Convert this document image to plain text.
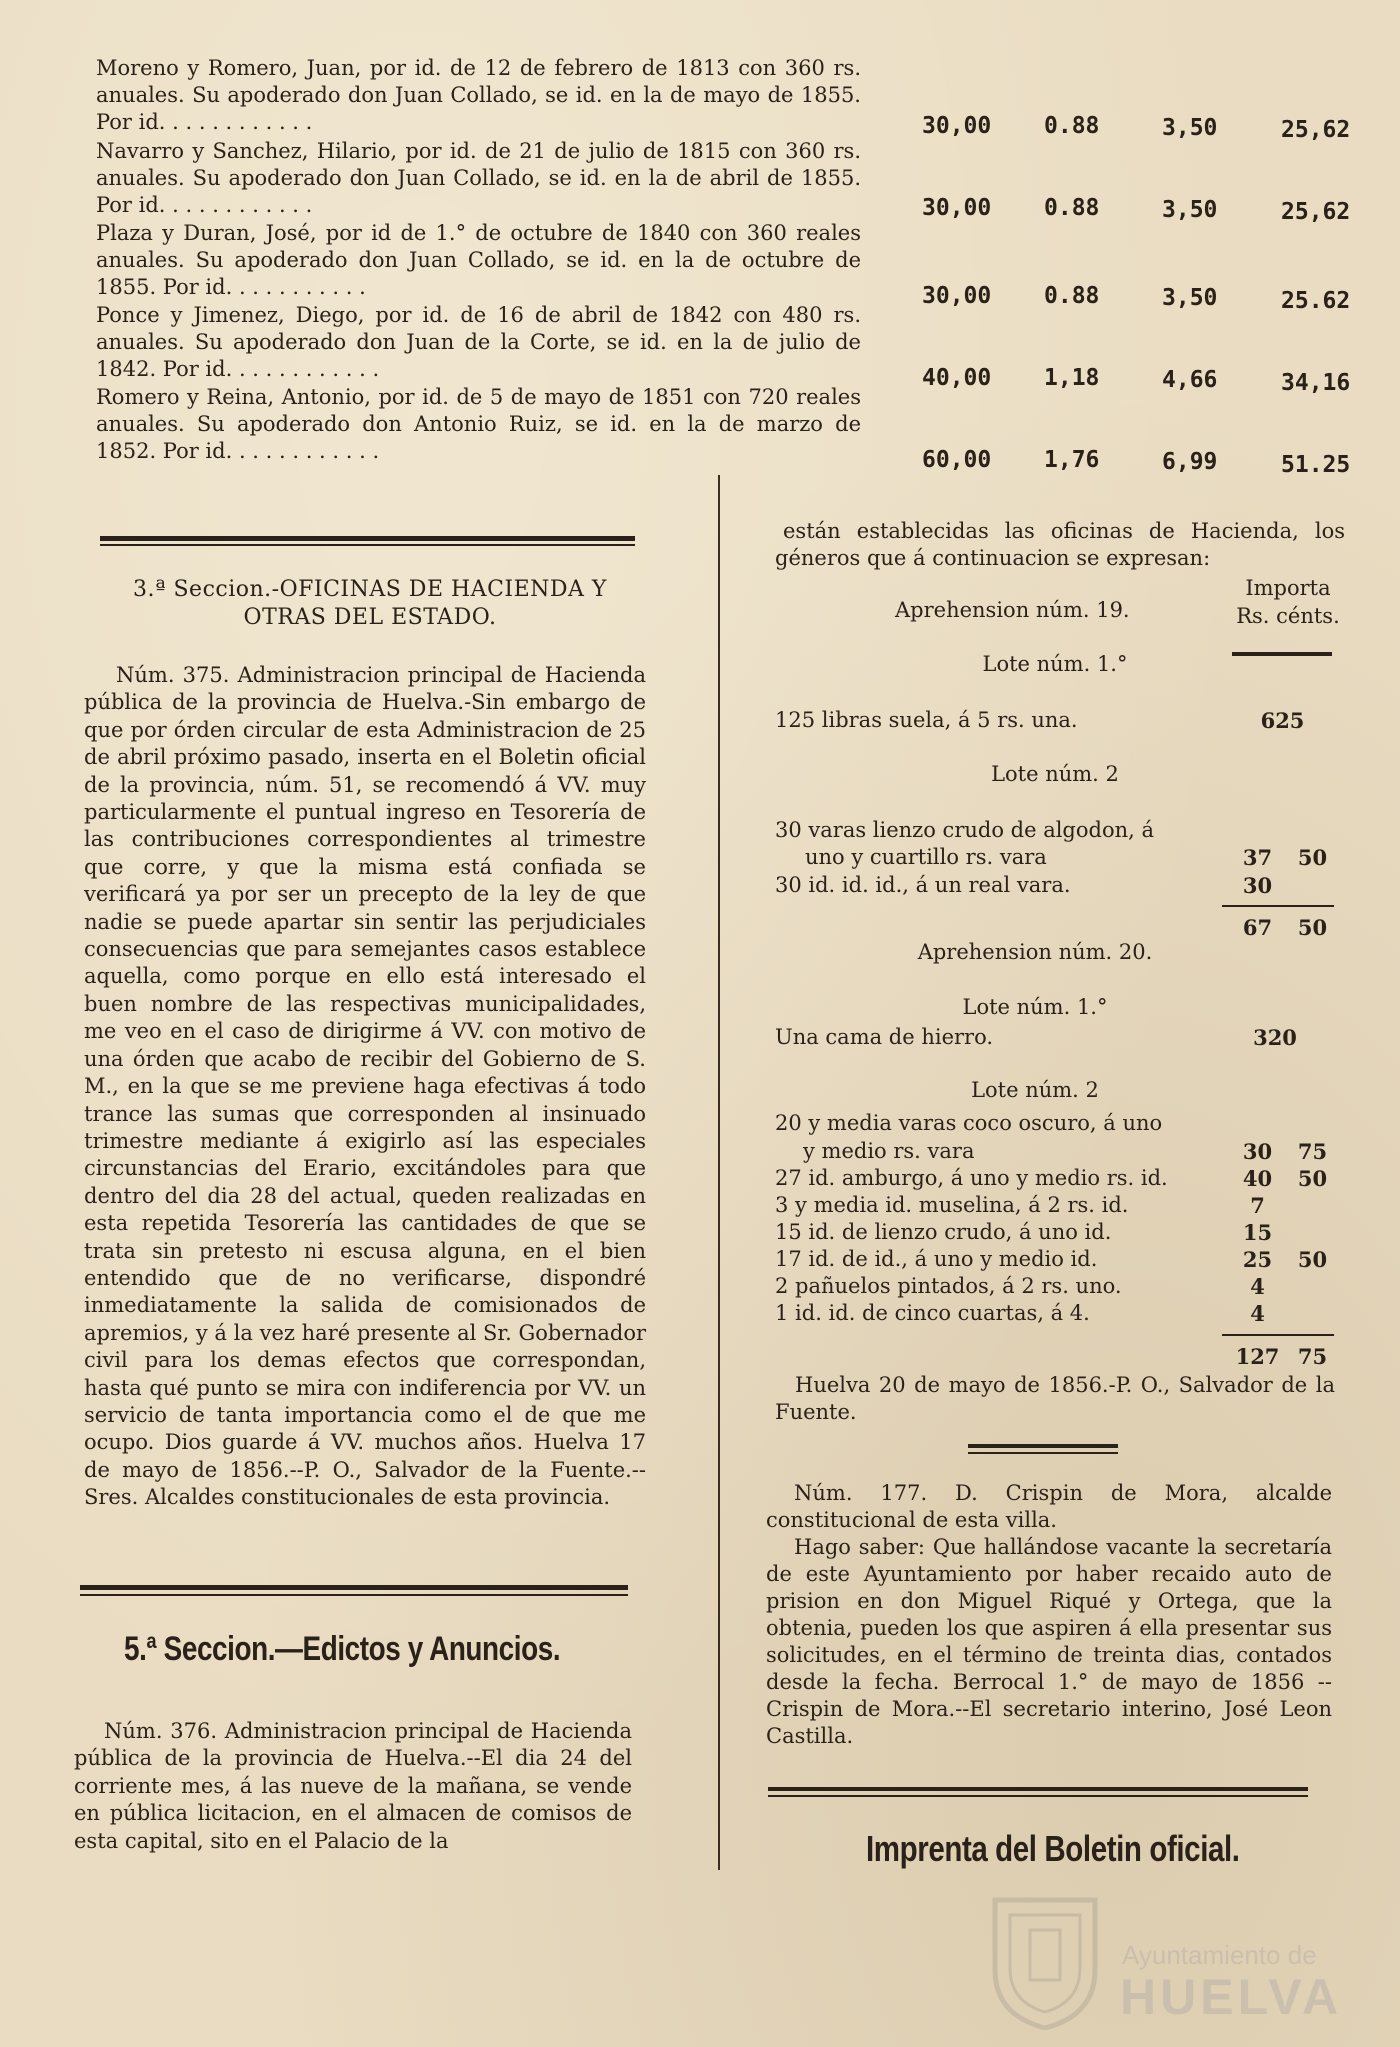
Moreno y Romero, Juan, por id. de 12 de febrero de 1813 con 360 rs. anuales. Su apoderado don Juan Collado, se id. en la de mayo de 1855. Por id. . . . . . . . . . . .	30,00 0.88	3,50	25,62

Navarro y Sanchez, Hilario, por id. de 21 de julio de 1815 con 360 rs. anuales. Su apoderado don Juan Collado, se id. en la de abril de 1855. Por id. . . . . . . . . . . .	30,00 0.88	3,50	25,62

Plaza y Duran, José, por id de 1.° de octubre de 1840 con 360 reales anuales. Su apoderado don Juan Collado, se id. en la de octubre de 1855. Por id. . . . . . . . . . .	30,00 0.88	3,50	25.62

Ponce y Jimenez, Diego, por id. de 16 de abril de 1842 con 480 rs. anuales. Su apoderado don Juan de la Corte, se id. en la de julio de 1842. Por id. . . . . . . . . . . .	40,00 1,18	4,66	34,16

Romero y Reina, Antonio, por id. de 5 de mayo de 1851 con 720 reales anuales. Su apoderado don Antonio Ruiz, se id. en la de marzo de 1852. Por id. . . . . . . . . . . .	60,00 1,76	6,99	51.25
3.ª Seccion.-OFICINAS DE HACIENDA Y
OTRAS DEL ESTADO.

Núm. 375. Administracion principal de Hacienda pública de la provincia de Huelva.-Sin embargo de que por órden circular de esta Administracion de 25 de abril próximo pasado, inserta en el Boletin oficial de la provincia, núm. 51, se recomendó á VV. muy particularmente el puntual ingreso en Tesorería de las contribuciones correspondientes al trimestre que corre, y que la misma está confiada se verificará ya por ser un precepto de la ley de que nadie se puede apartar sin sentir las perjudiciales consecuencias que para semejantes casos establece aquella, como porque en ello está interesado el buen nombre de las respectivas municipalidades, me veo en el caso de dirigirme á VV. con motivo de una órden que acabo de recibir del Gobierno de S. M., en la que se me previene haga efectivas á todo trance las sumas que corresponden al insinuado trimestre mediante á exigirlo así las especiales circunstancias del Erario, excitándoles para que dentro del dia 28 del actual, queden realizadas en esta repetida Tesorería las cantidades de que se trata sin pretesto ni escusa alguna, en el bien entendido que de no verificarse, dispondré inmediatamente la salida de comisionados de apremios, y á la vez haré presente al Sr. Gobernador civil para los demas efectos que correspondan, hasta qué punto se mira con indiferencia por VV. un servicio de tanta importancia como el de que me ocupo. Dios guarde á VV. muchos años. Huelva 17 de mayo de 1856.--P. O., Salvador de la Fuente.--Sres. Alcaldes constitucionales de esta provincia.

5.ª Seccion.—Edictos y Anuncios.

Núm. 376. Administracion principal de Hacienda pública de la provincia de Huelva.--El dia 24 del corriente mes, á las nueve de la mañana, se vende en pública licitacion, en el almacen de comisos de esta capital, sito en el Palacio de la

están establecidas las oficinas de Hacienda, los géneros que á continuacion se expresan:

Importa
Rs. cénts.
Aprehension núm. 19.
Lote núm. 1.°
125 libras suela, á 5 rs. una.	625
Lote núm. 2
30 varas lienzo crudo de algodon, á
uno y cuartillo rs. vara	37	50
30 id. id. id., á un real vara.	30
67	50
Aprehension núm. 20.
Lote núm. 1.°
Una cama de hierro.	320
Lote núm. 2
20 y media varas coco oscuro, á uno
y medio rs. vara	30	75
27 id. amburgo, á uno y medio rs. id.	40	50
3 y media id. muselina, á 2 rs. id.	7
15 id. de lienzo crudo, á uno id.	15
17 id. de id., á uno y medio id.	25	50
2 pañuelos pintados, á 2 rs. uno.	4
1 id. id. de cinco cuartas, á 4.	4
127 75

Huelva 20 de mayo de 1856.-P. O., Salvador de la Fuente.

Núm. 177. D. Crispin de Mora, alcalde constitucional de esta villa.

Hago saber: Que hallándose vacante la secretaría de este Ayuntamiento por haber recaido auto de prision en don Miguel Riqué y Ortega, que la obtenia, pueden los que aspiren á ella presentar sus solicitudes, en el término de treinta dias, contados desde la fecha. Berrocal 1.° de mayo de 1856 --Crispin de Mora.--El secretario interino, José Leon Castilla.

Imprenta del Boletin oficial.
Ayuntamiento de
HUELVA
